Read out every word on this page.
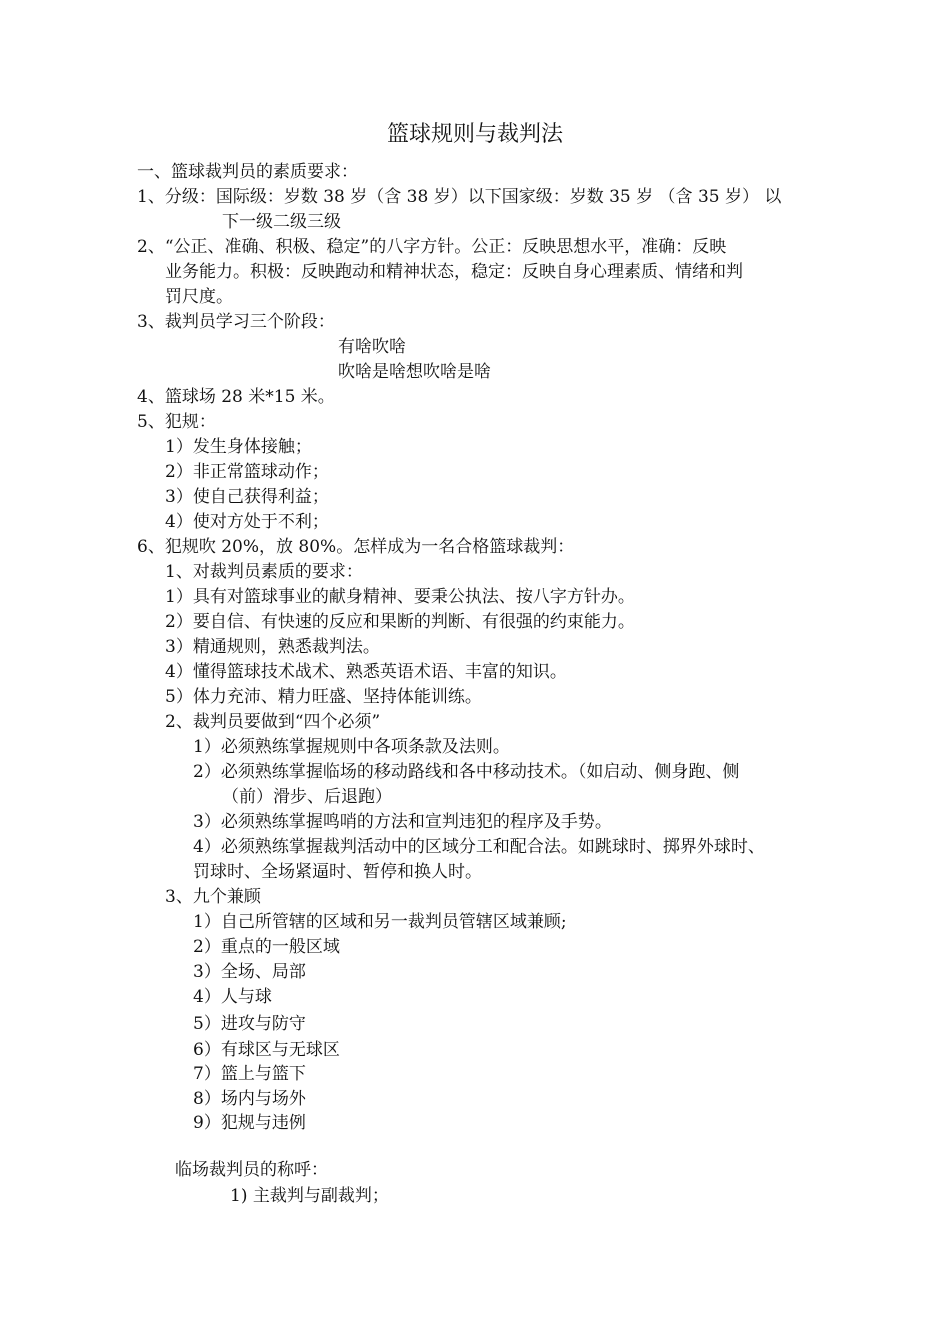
篮球规则与裁判法
一、篮球裁判员的素质要求：
1、分级：国际级：岁数 38 岁（含 38 岁）以下国家级：岁数 35 岁 （含 35 岁） 以
下一级二级三级
2、“公正、准确、积极、稳定”的八字方针。公正：反映思想水平，准确：反映
业务能力。积极：反映跑动和精神状态，稳定：反映自身心理素质、情绪和判
罚尺度。
3、裁判员学习三个阶段：
有啥吹啥
吹啥是啥想吹啥是啥
4、篮球场 28 米*15 米。
5、犯规：
1）发生身体接触；
2）非正常篮球动作；
3）使自己获得利益；
4）使对方处于不利；
6、犯规吹 20%，放 80%。怎样成为一名合格篮球裁判：
1、对裁判员素质的要求：
1）具有对篮球事业的献身精神、要秉公执法、按八字方针办。
2）要自信、有快速的反应和果断的判断、有很强的约束能力。
3）精通规则，熟悉裁判法。
4）懂得篮球技术战术、熟悉英语术语、丰富的知识。
5）体力充沛、精力旺盛、坚持体能训练。
2、裁判员要做到“四个必须”
1）必须熟练掌握规则中各项条款及法则。
2）必须熟练掌握临场的移动路线和各中移动技术。（如启动、侧身跑、侧
（前）滑步、后退跑）
3）必须熟练掌握鸣哨的方法和宣判违犯的程序及手势。
4）必须熟练掌握裁判活动中的区域分工和配合法。如跳球时、掷界外球时、
罚球时、全场紧逼时、暂停和换人时。
3、九个兼顾
1）自己所管辖的区域和另一裁判员管辖区域兼顾;
2）重点的一般区域
3）全场、局部
4）人与球
5）进攻与防守
6）有球区与无球区
7）篮上与篮下
8）场内与场外
9）犯规与违例
临场裁判员的称呼：
1) 主裁判与副裁判；
